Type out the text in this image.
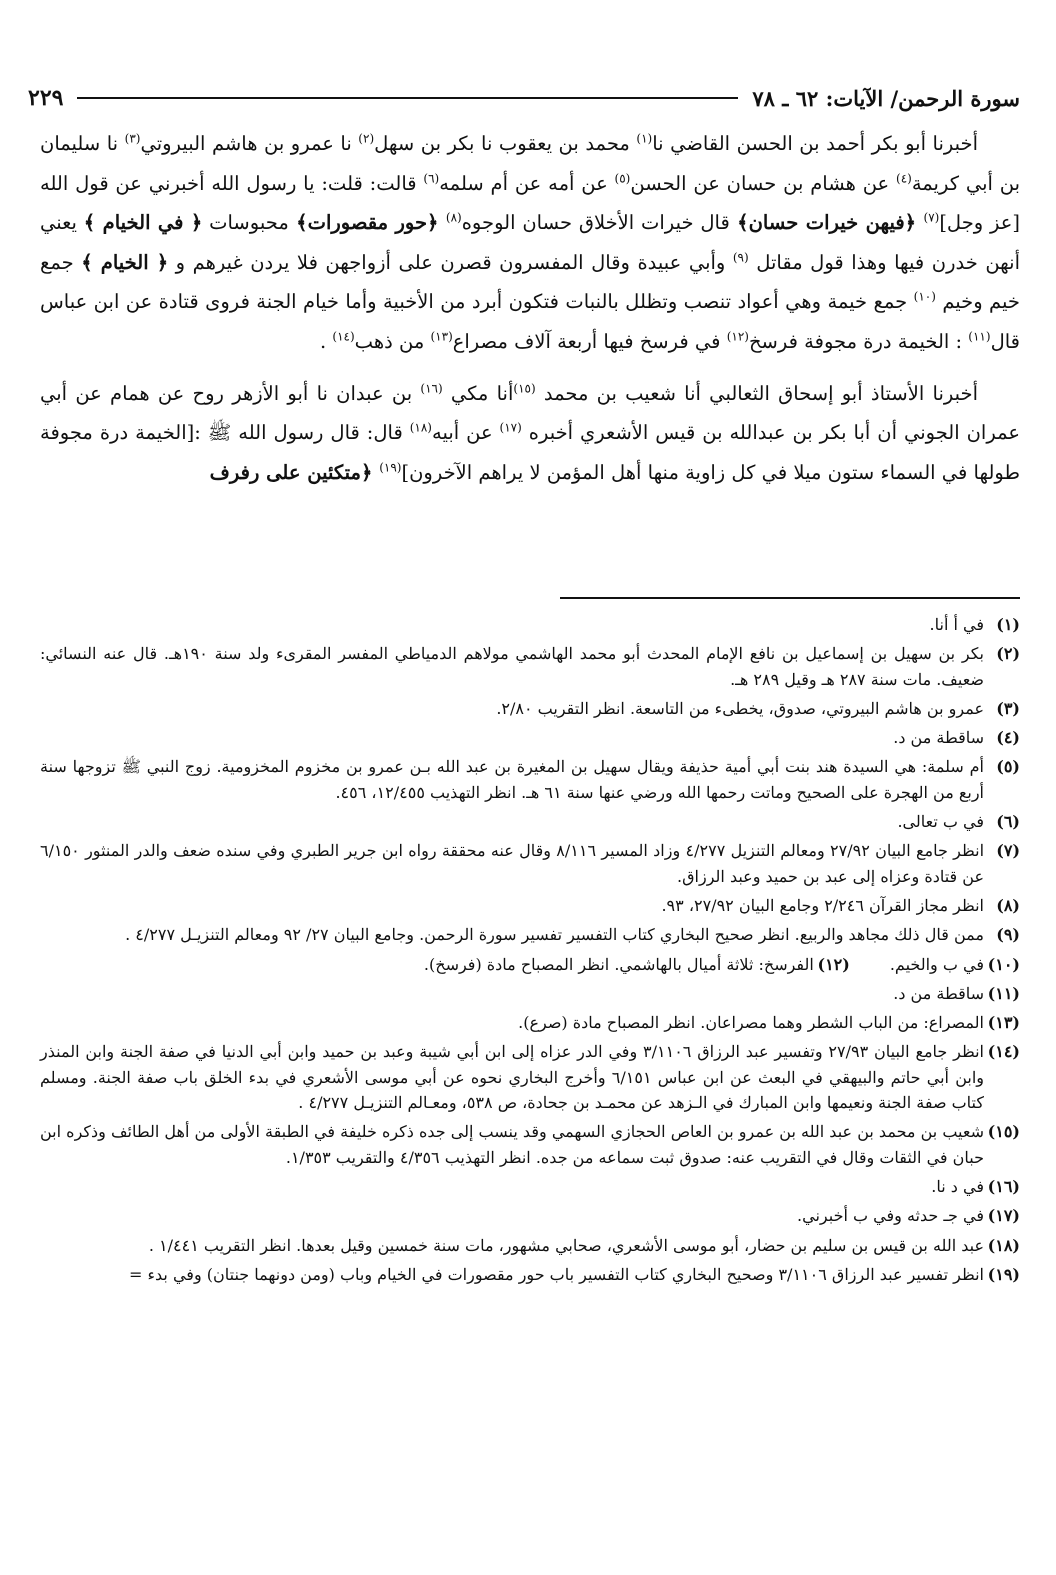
سورة الرحمن/ الآيات: ٦٢ ـ ٧٨
٢٢٩

أخبرنا أبو بكر أحمد بن الحسن القاضي نا$^{(١)}$ محمد بن يعقوب نا بكر بن سهل$^{(٢)}$ نا عمرو بن هاشم البيروتي$^{(٣)}$ نا سليمان بن أبي كريمة$^{(٤)}$ عن هشام بن حسان عن الحسن$^{(٥)}$ عن أمه عن أم سلمه$^{(٦)}$ قالت: قلت: يا رسول الله أخبرني عن قول الله [عز وجل]$^{(٧)}$ ﴿فيهن خيرات حسان﴾ قال خيرات الأخلاق حسان الوجوه$^{(٨)}$ ﴿حور مقصورات﴾ محبوسات ﴿ في الخيام ﴾ يعني أنهن خدرن فيها وهذا قول مقاتل $^{(٩)}$ وأبي عبيدة وقال المفسرون قصرن على أزواجهن فلا يردن غيرهم و ﴿ الخيام ﴾ جمع خيم وخيم $^{(١٠)}$ جمع خيمة وهي أعواد تنصب وتظلل بالنبات فتكون أبرد من الأخبية وأما خيام الجنة فروى قتادة عن ابن عباس قال$^{(١١)}$ : الخيمة درة مجوفة فرسخ$^{(١٢)}$ في فرسخ فيها أربعة آلاف مصراع$^{(١٣)}$ من ذهب$^{(١٤)}$ .

أخبرنا الأستاذ أبو إسحاق الثعالبي أنا شعيب بن محمد $^{(١٥)}$أنا مكي $^{(١٦)}$ بن عبدان نا أبو الأزهر روح عن همام عن أبي عمران الجوني أن أبا بكر بن عبدالله بن قيس الأشعري أخبره $^{(١٧)}$ عن أبيه$^{(١٨)}$ قال: قال رسول الله ﷺ :[الخيمة درة مجوفة طولها في السماء ستون ميلا في كل زاوية منها أهل المؤمن لا يراهم الآخرون]$^{(١٩)}$ ﴿متكئين على رفرف

(١)في أ أنا.
(٢)بكر بن سهيل بن إسماعيل بن نافع الإمام المحدث أبو محمد الهاشمي مولاهم الدمياطي المفسر المقرىء ولد سنة ١٩٠هـ. قال عنه النسائي: ضعيف. مات سنة ٢٨٧ هـ وقيل ٢٨٩ هـ.
(٣)عمرو بن هاشم البيروتي، صدوق، يخطىء من التاسعة. انظر التقريب ٢/٨٠.
(٤)ساقطة من د.
(٥)أم سلمة: هي السيدة هند بنت أبي أمية حذيفة ويقال سهيل بن المغيرة بن عبد الله بـن عمرو بن مخزوم المخزومية. زوج النبي ﷺ تزوجها سنة أربع من الهجرة على الصحيح وماتت رحمها الله ورضي عنها سنة ٦١ هـ. انظر التهذيب ١٢/٤٥٥، ٤٥٦.
(٦)في ب تعالى.
(٧)انظر جامع البيان ٢٧/٩٢ ومعالم التنزيل ٤/٢٧٧ وزاد المسير ٨/١١٦ وقال عنه محققة رواه ابن جرير الطبري وفي سنده ضعف والدر المنثور ٦/١٥٠ عن قتادة وعزاه إلى عبد بن حميد وعبد الرزاق.
(٨)انظر مجاز القرآن ٢/٢٤٦ وجامع البيان ٢٧/٩٢، ٩٣.
(٩)ممن قال ذلك مجاهد والربيع. انظر صحيح البخاري كتاب التفسير تفسير سورة الرحمن. وجامع البيان ٢٧/ ٩٢ ومعالم التنزيـل ٤/٢٧٧ .
(١٠)في ب والخيم.
(١٢)الفرسخ: ثلاثة أميال بالهاشمي. انظر المصباح مادة (فرسخ).
(١١)ساقطة من د.
(١٣)المصراع: من الباب الشطر وهما مصراعان. انظر المصباح مادة (صرع).
(١٤)انظر جامع البيان ٢٧/٩٣ وتفسير عبد الرزاق ٣/١١٠٦ وفي الدر عزاه إلى ابن أبي شيبة وعبد بن حميد وابن أبي الدنيا في صفة الجنة وابن المنذر وابن أبي حاتم والبيهقي في البعث عن ابن عباس ٦/١٥١ وأخرج البخاري نحوه عن أبي موسى الأشعري في بدء الخلق باب صفة الجنة. ومسلم كتاب صفة الجنة ونعيمها وابن المبارك في الـزهد عن محمـد بن جحادة، ص ٥٣٨، ومعـالم التنزيـل ٤/٢٧٧ .
(١٥)شعيب بن محمد بن عبد الله بن عمرو بن العاص الحجازي السهمي وقد ينسب إلى جده ذكره خليفة في الطبقة الأولى من أهل الطائف وذكره ابن حبان في الثقات وقال في التقريب عنه: صدوق ثبت سماعه من جده. انظر التهذيب ٤/٣٥٦ والتقريب ١/٣٥٣.
(١٦)في د نا.
(١٧)في جـ حدثه وفي ب أخبرني.
(١٨)عبد الله بن قيس بن سليم بن حضار، أبو موسى الأشعري، صحابي مشهور، مات سنة خمسين وقيل بعدها. انظر التقريب ١/٤٤١ .
(١٩)انظر تفسير عبد الرزاق ٣/١١٠٦ وصحيح البخاري كتاب التفسير باب حور مقصورات في الخيام وباب (ومن دونهما جنتان) وفي بدء =
